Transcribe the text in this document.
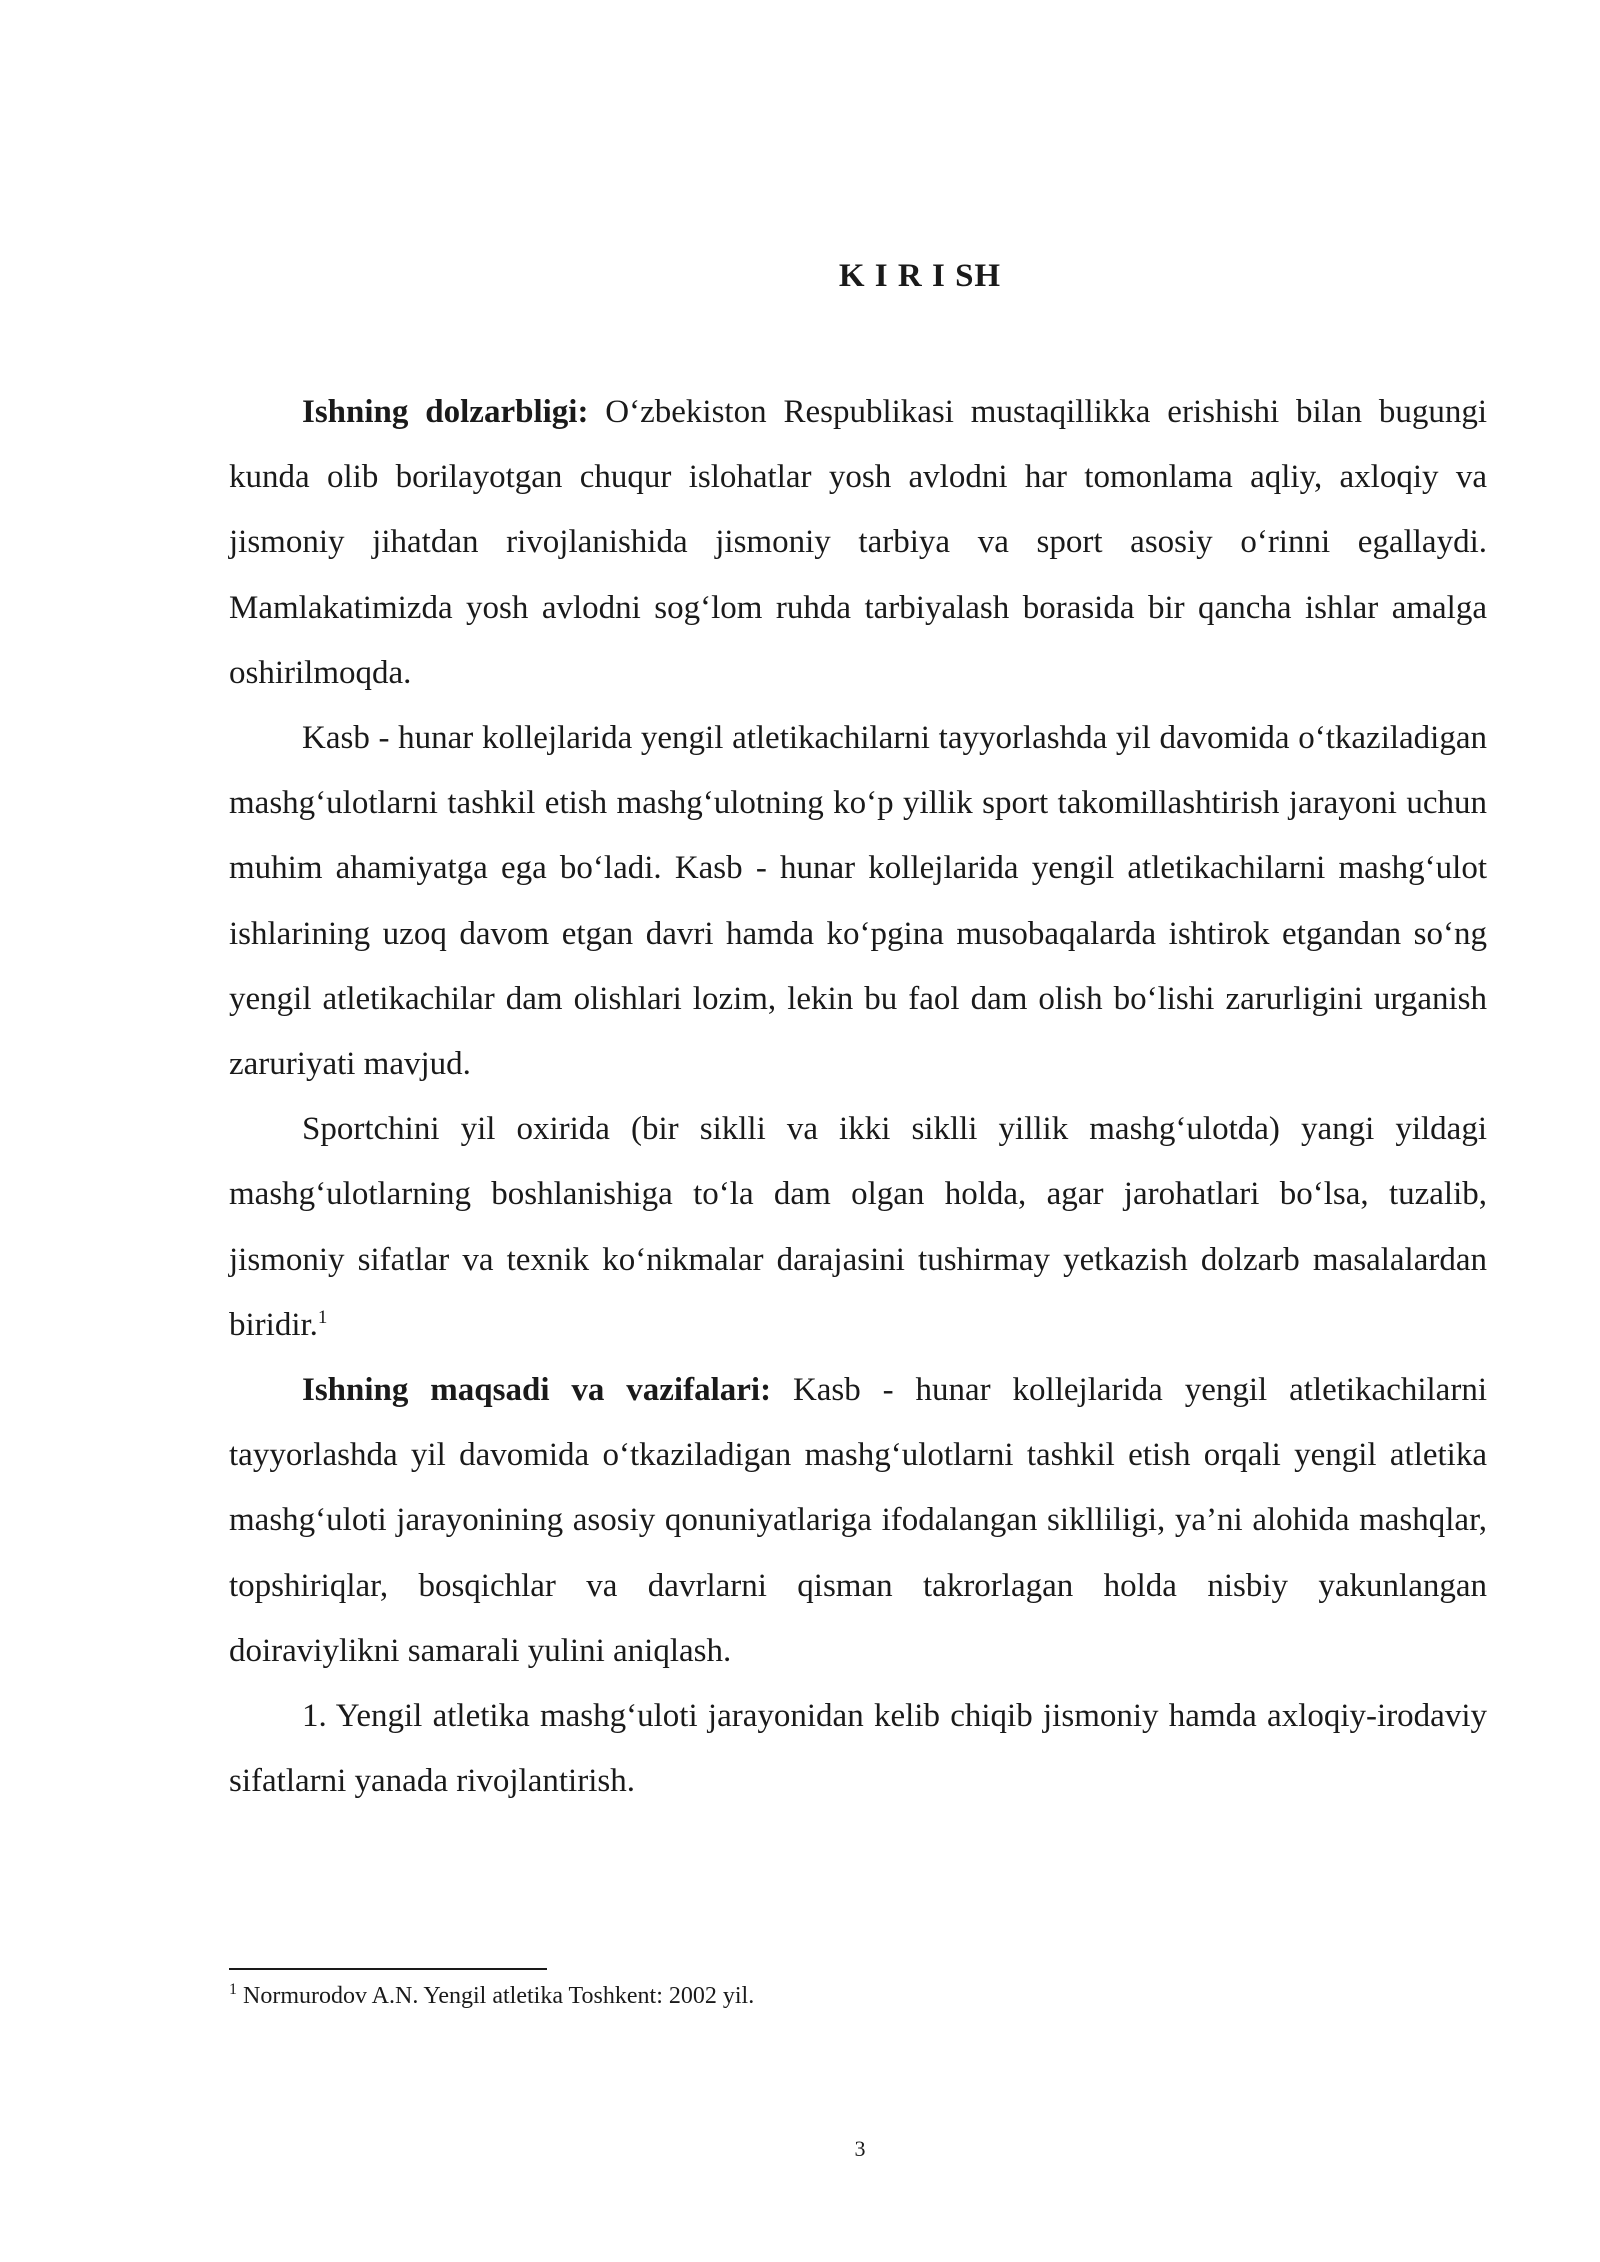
K I R I SH

Ishning dolzarbligi: O‘zbekiston Respublikasi mustaqillikka erishishi bilan bugungi kunda olib borilayotgan chuqur islohatlar yosh avlodni har tomonlama aqliy, axloqiy va jismoniy jihatdan rivojlanishida jismoniy tarbiya va sport asosiy o‘rinni egallaydi. Mamlakatimizda yosh avlodni sog‘lom ruhda tarbiyalash borasida bir qancha ishlar amalga oshirilmoqda.

Kasb - hunar kollejlarida yengil atletikachilarni tayyorlashda yil davomida o‘tkaziladigan mashg‘ulotlarni tashkil etish mashg‘ulotning ko‘p yillik sport takomillashtirish jarayoni uchun muhim ahamiyatga ega bo‘ladi. Kasb - hunar kollejlarida yengil atletikachilarni mashg‘ulot ishlarining uzoq davom etgan davri hamda ko‘pgina musobaqalarda ishtirok etgandan so‘ng yengil atletikachilar dam olishlari lozim, lekin bu faol dam olish bo‘lishi zarurligini urganish zaruriyati mavjud.

Sportchini yil oxirida (bir siklli va ikki siklli yillik mashg‘ulotda) yangi yildagi mashg‘ulotlarning boshlanishiga to‘la dam olgan holda, agar jarohatlari bo‘lsa, tuzalib, jismoniy sifatlar va texnik ko‘nikmalar darajasini tushirmay yetkazish dolzarb masalalardan biridir.$^1$

Ishning maqsadi va vazifalari: Kasb - hunar kollejlarida yengil atletikachilarni tayyorlashda yil davomida o‘tkaziladigan mashg‘ulotlarni tashkil etish orqali yengil atletika mashg‘uloti jarayonining asosiy qonuniyatlariga ifodalangan siklliligi, ya’ni alohida mashqlar, topshiriqlar, bosqichlar va davrlarni qisman takrorlagan holda nisbiy yakunlangan doiraviylikni samarali yulini aniqlash.

1. Yengil atletika mashg‘uloti jarayonidan kelib chiqib jismoniy hamda axloqiy-irodaviy sifatlarni yanada rivojlantirish.

$^1$ Normurodov A.N. Yengil atletika Toshkent: 2002 yil.
3
